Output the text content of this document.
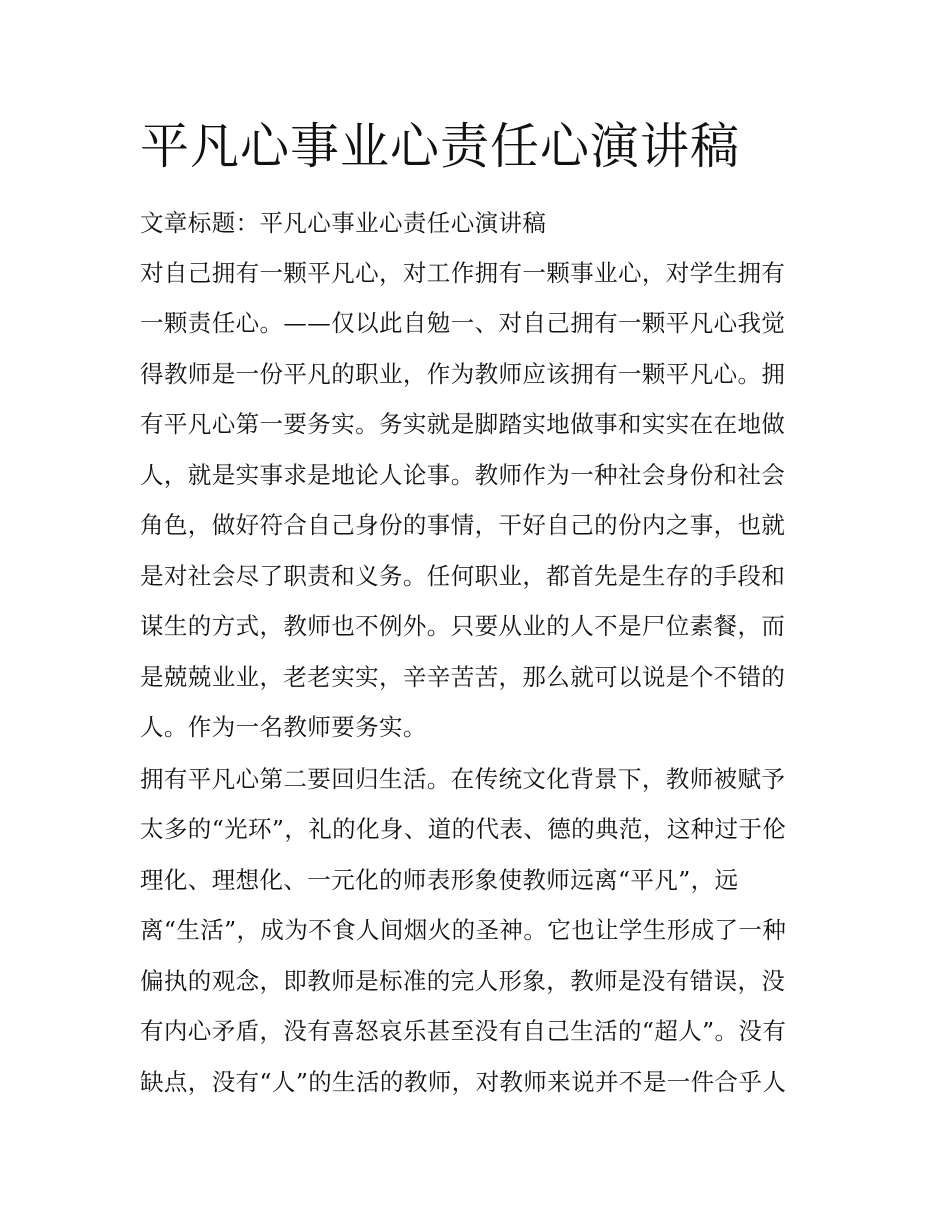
平凡心事业心责任心演讲稿
文章标题：平凡心事业心责任心演讲稿
对自己拥有一颗平凡心，对工作拥有一颗事业心，对学生拥有
一颗责任心。——仅以此自勉一、对自己拥有一颗平凡心我觉
得教师是一份平凡的职业，作为教师应该拥有一颗平凡心。拥
有平凡心第一要务实。务实就是脚踏实地做事和实实在在地做
人，就是实事求是地论人论事。教师作为一种社会身份和社会
角色，做好符合自己身份的事情，干好自己的份内之事，也就
是对社会尽了职责和义务。任何职业，都首先是生存的手段和
谋生的方式，教师也不例外。只要从业的人不是尸位素餐，而
是兢兢业业，老老实实，辛辛苦苦，那么就可以说是个不错的
人。作为一名教师要务实。
拥有平凡心第二要回归生活。在传统文化背景下，教师被赋予
太多的“光环”，礼的化身、道的代表、德的典范，这种过于伦
理化、理想化、一元化的师表形象使教师远离“平凡”，远
离“生活”，成为不食人间烟火的圣神。它也让学生形成了一种
偏执的观念，即教师是标准的完人形象，教师是没有错误，没
有内心矛盾，没有喜怒哀乐甚至没有自己生活的“超人”。没有
缺点，没有“人”的生活的教师，对教师来说并不是一件合乎人
